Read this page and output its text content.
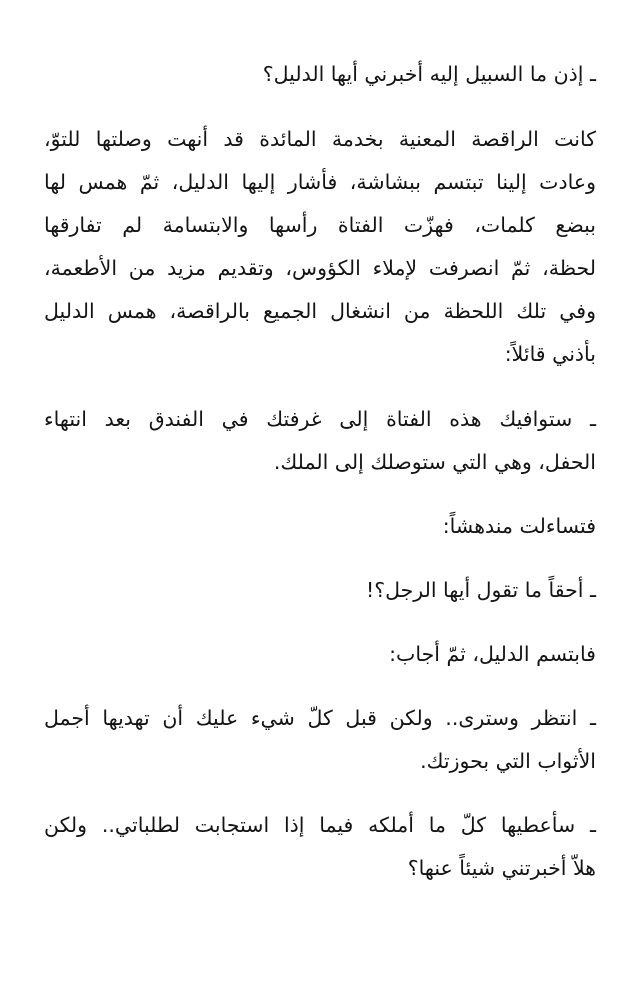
ـ إذن ما السبيل إليه أخبرني أيها الدليل؟
كانت الراقصة المعنية بخدمة المائدة قد أنهت وصلتها للتوّ،
وعادت إلينا تبتسم ببشاشة، فأشار إليها الدليل، ثمّ همس لها
ببضع كلمات، فهزّت الفتاة رأسها والابتسامة لم تفارقها
لحظة، ثمّ انصرفت لإملاء الكؤوس، وتقديم مزيد من الأطعمة،
وفي تلك اللحظة من انشغال الجميع بالراقصة، همس الدليل
بأذني قائلاً:
ـ ستوافيك هذه الفتاة إلى غرفتك في الفندق بعد انتهاء
الحفل، وهي التي ستوصلك إلى الملك.
فتساءلت مندهشاً:
ـ أحقاً ما تقول أيها الرجل؟!
فابتسم الدليل، ثمّ أجاب:
ـ انتظر وسترى.. ولكن قبل كلّ شيء عليك أن تهديها أجمل
الأثواب التي بحوزتك.
ـ سأعطيها كلّ ما أملكه فيما إذا استجابت لطلباتي.. ولكن
هلاّ أخبرتني شيئاً عنها؟
